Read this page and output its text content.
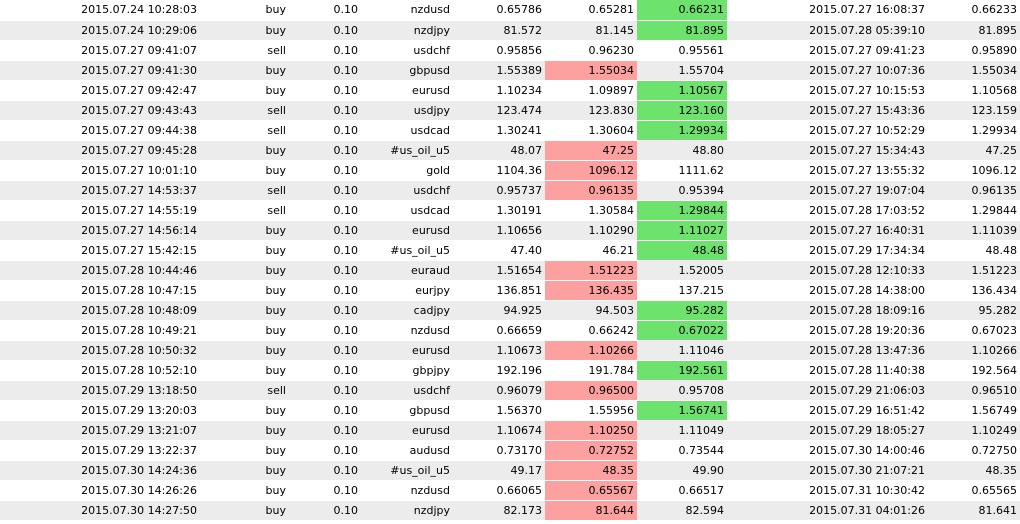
2015.07.24 10:28:03	buy	0.10	nzdusd	0.65786	0.65281	0.66231	2015.07.27 16:08:37	0.66233
2015.07.24 10:29:06	buy	0.10	nzdjpy	81.572	81.145	81.895	2015.07.28 05:39:10	81.895
2015.07.27 09:41:07	sell	0.10	usdchf	0.95856	0.96230	0.95561	2015.07.27 09:41:23	0.95890
2015.07.27 09:41:30	buy	0.10	gbpusd	1.55389	1.55034	1.55704	2015.07.27 10:07:36	1.55034
2015.07.27 09:42:47	buy	0.10	eurusd	1.10234	1.09897	1.10567	2015.07.27 10:15:53	1.10568
2015.07.27 09:43:43	sell	0.10	usdjpy	123.474	123.830	123.160	2015.07.27 15:43:36	123.159
2015.07.27 09:44:38	sell	0.10	usdcad	1.30241	1.30604	1.29934	2015.07.27 10:52:29	1.29934
2015.07.27 09:45:28	buy	0.10	#us_oil_u5	48.07	47.25	48.80	2015.07.27 15:34:43	47.25
2015.07.27 10:01:10	buy	0.10	gold	1104.36	1096.12	1111.62	2015.07.27 13:55:32	1096.12
2015.07.27 14:53:37	sell	0.10	usdchf	0.95737	0.96135	0.95394	2015.07.27 19:07:04	0.96135
2015.07.27 14:55:19	sell	0.10	usdcad	1.30191	1.30584	1.29844	2015.07.28 17:03:52	1.29844
2015.07.27 14:56:14	buy	0.10	eurusd	1.10656	1.10290	1.11027	2015.07.27 16:40:31	1.11039
2015.07.27 15:42:15	buy	0.10	#us_oil_u5	47.40	46.21	48.48	2015.07.29 17:34:34	48.48
2015.07.28 10:44:46	buy	0.10	euraud	1.51654	1.51223	1.52005	2015.07.28 12:10:33	1.51223
2015.07.28 10:47:15	buy	0.10	eurjpy	136.851	136.435	137.215	2015.07.28 14:38:00	136.434
2015.07.28 10:48:09	buy	0.10	cadjpy	94.925	94.503	95.282	2015.07.28 18:09:16	95.282
2015.07.28 10:49:21	buy	0.10	nzdusd	0.66659	0.66242	0.67022	2015.07.28 19:20:36	0.67023
2015.07.28 10:50:32	buy	0.10	eurusd	1.10673	1.10266	1.11046	2015.07.28 13:47:36	1.10266
2015.07.28 10:52:10	buy	0.10	gbpjpy	192.196	191.784	192.561	2015.07.28 11:40:38	192.564
2015.07.29 13:18:50	sell	0.10	usdchf	0.96079	0.96500	0.95708	2015.07.29 21:06:03	0.96510
2015.07.29 13:20:03	buy	0.10	gbpusd	1.56370	1.55956	1.56741	2015.07.29 16:51:42	1.56749
2015.07.29 13:21:07	buy	0.10	eurusd	1.10674	1.10250	1.11049	2015.07.29 18:05:27	1.10249
2015.07.29 13:22:37	buy	0.10	audusd	0.73170	0.72752	0.73544	2015.07.30 14:00:46	0.72750
2015.07.30 14:24:36	buy	0.10	#us_oil_u5	49.17	48.35	49.90	2015.07.30 21:07:21	48.35
2015.07.30 14:26:26	buy	0.10	nzdusd	0.66065	0.65567	0.66517	2015.07.31 10:30:42	0.65565
2015.07.30 14:27:50	buy	0.10	nzdjpy	82.173	81.644	82.594	2015.07.31 04:01:26	81.641
